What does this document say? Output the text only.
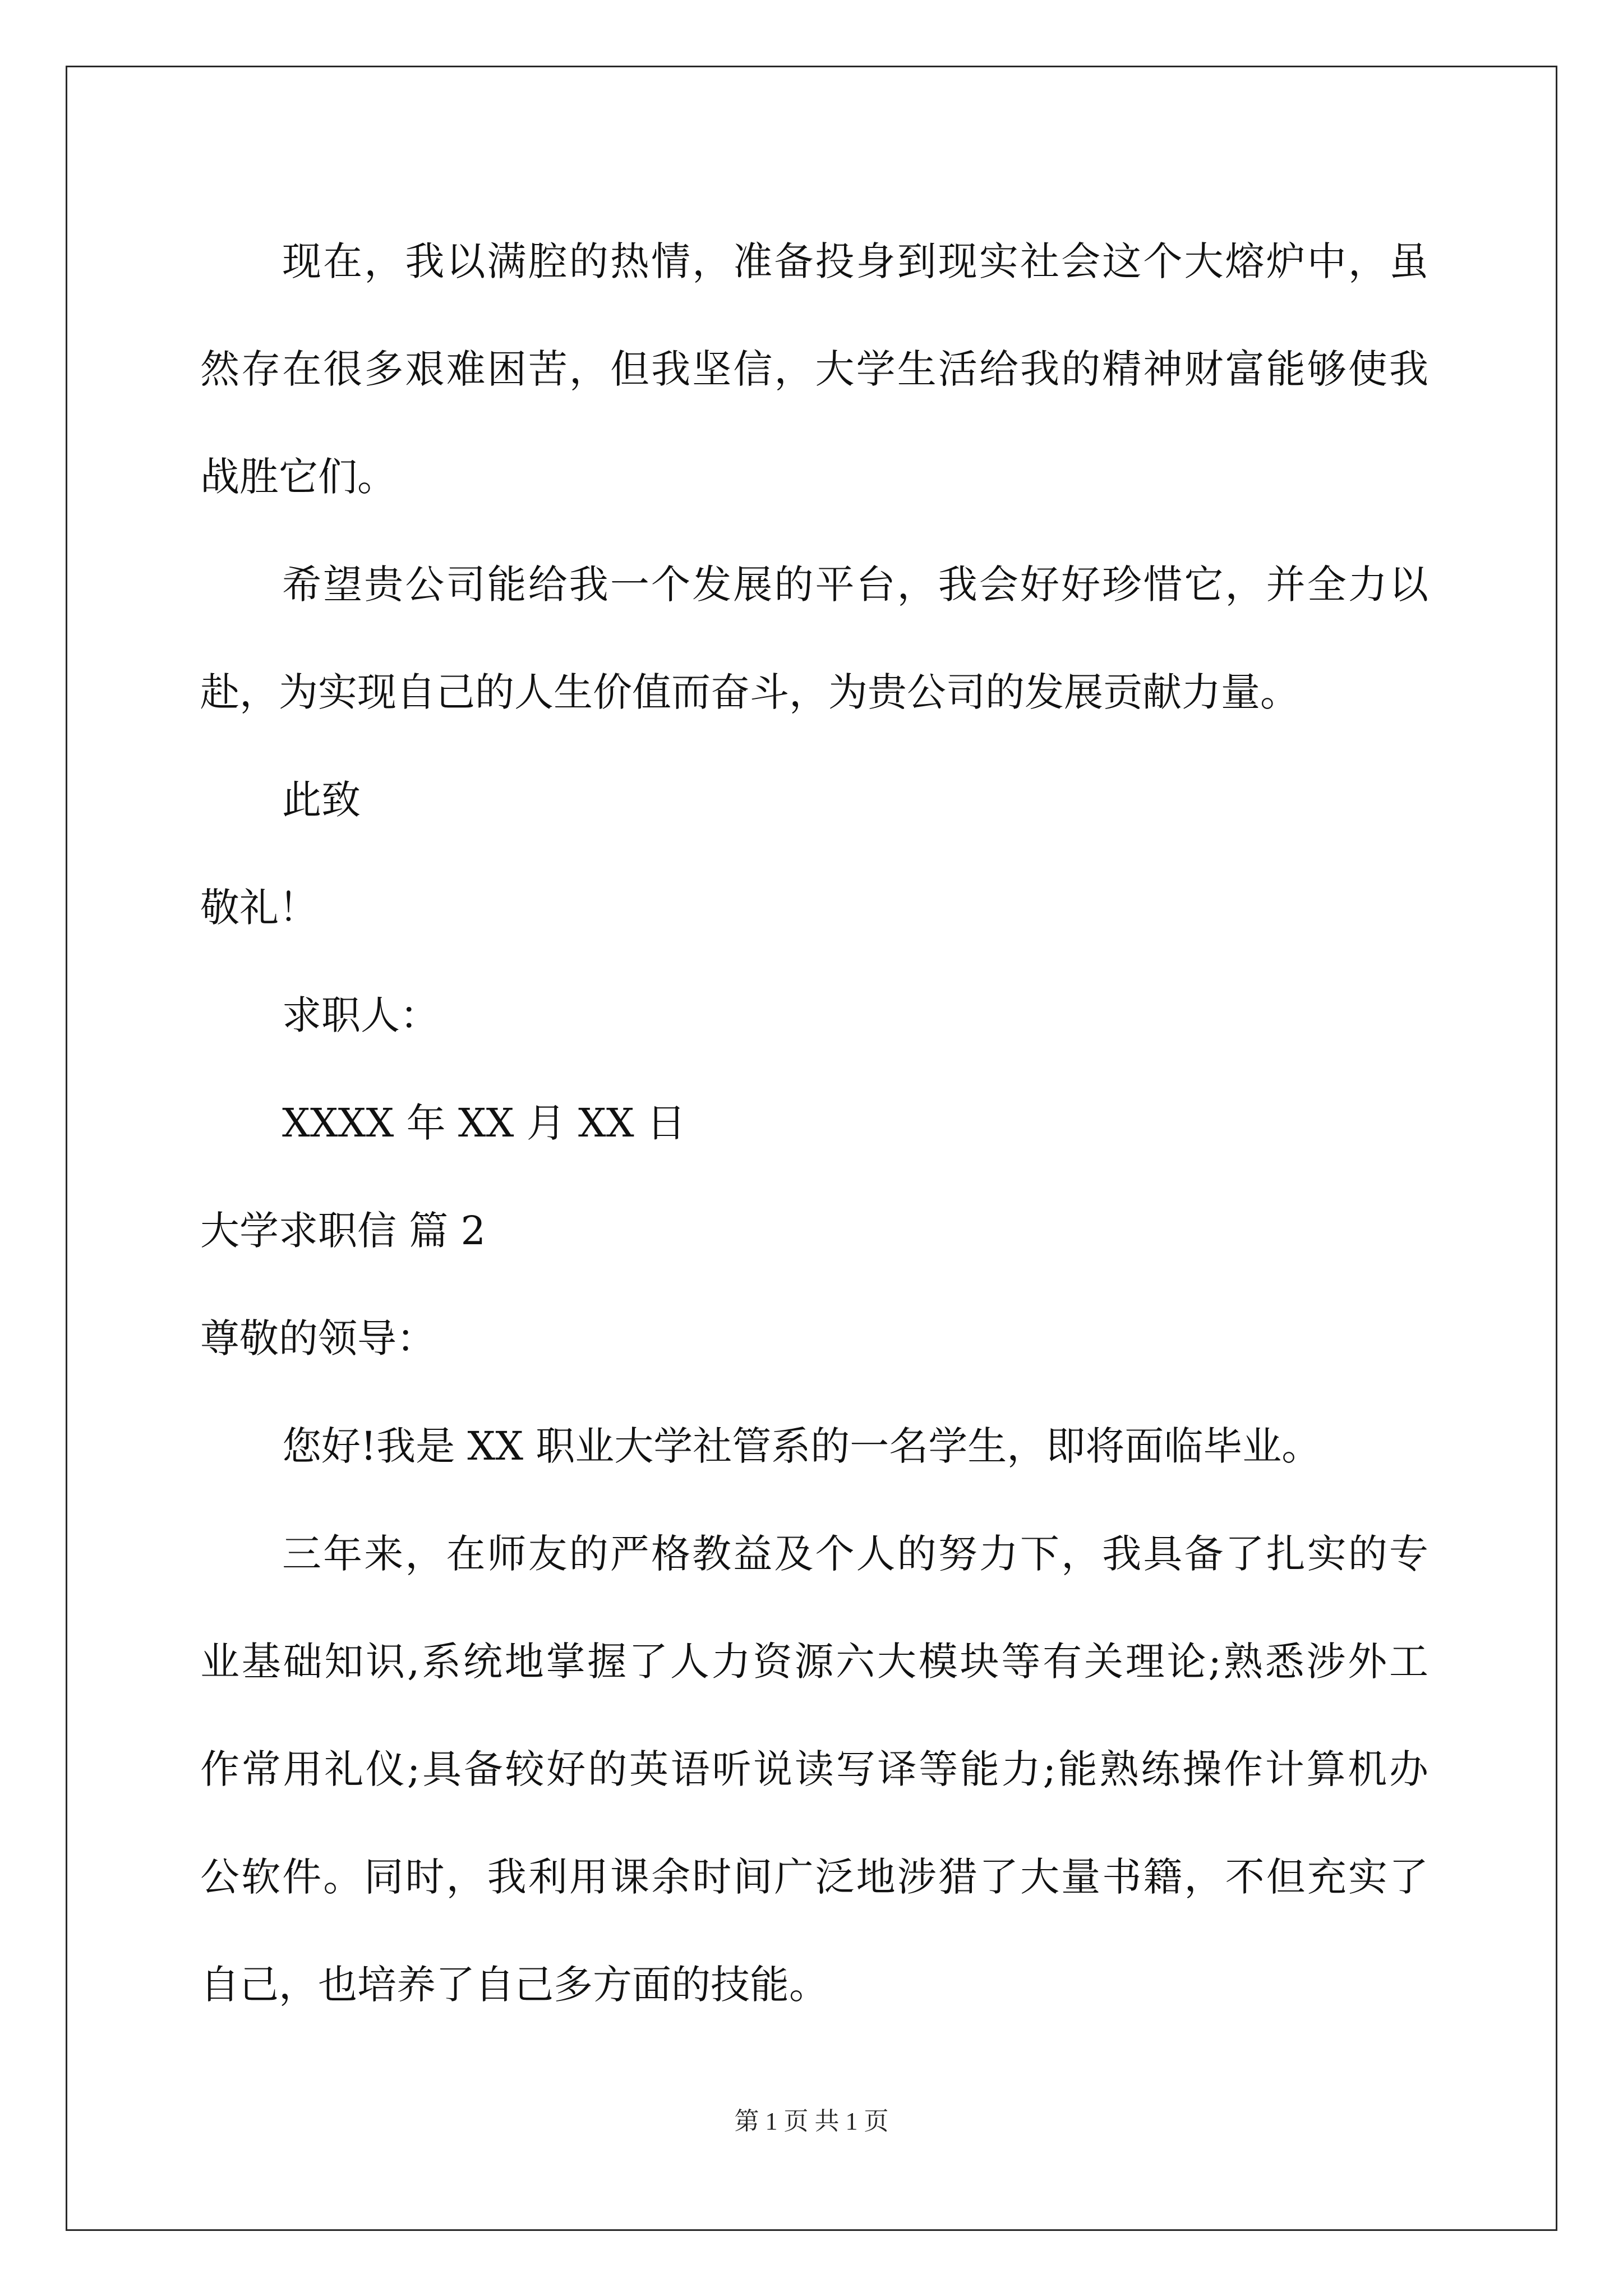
现在，我以满腔的热情，准备投身到现实社会这个大熔炉中，虽
然存在很多艰难困苦，但我坚信，大学生活给我的精神财富能够使我
战胜它们。
希望贵公司能给我一个发展的平台，我会好好珍惜它，并全力以
赴，为实现自己的人生价值而奋斗，为贵公司的发展贡献力量。
此致
敬礼！
求职人：
XXXX 年 XX 月 XX 日
大学求职信 篇 2
尊敬的领导：
您好!我是 XX 职业大学社管系的一名学生，即将面临毕业。
三年来，在师友的严格教益及个人的努力下，我具备了扎实的专
业基础知识,系统地掌握了人力资源六大模块等有关理论;熟悉涉外工
作常用礼仪;具备较好的英语听说读写译等能力;能熟练操作计算机办
公软件。同时，我利用课余时间广泛地涉猎了大量书籍，不但充实了
自己，也培养了自己多方面的技能。
第 1 页 共 1 页
